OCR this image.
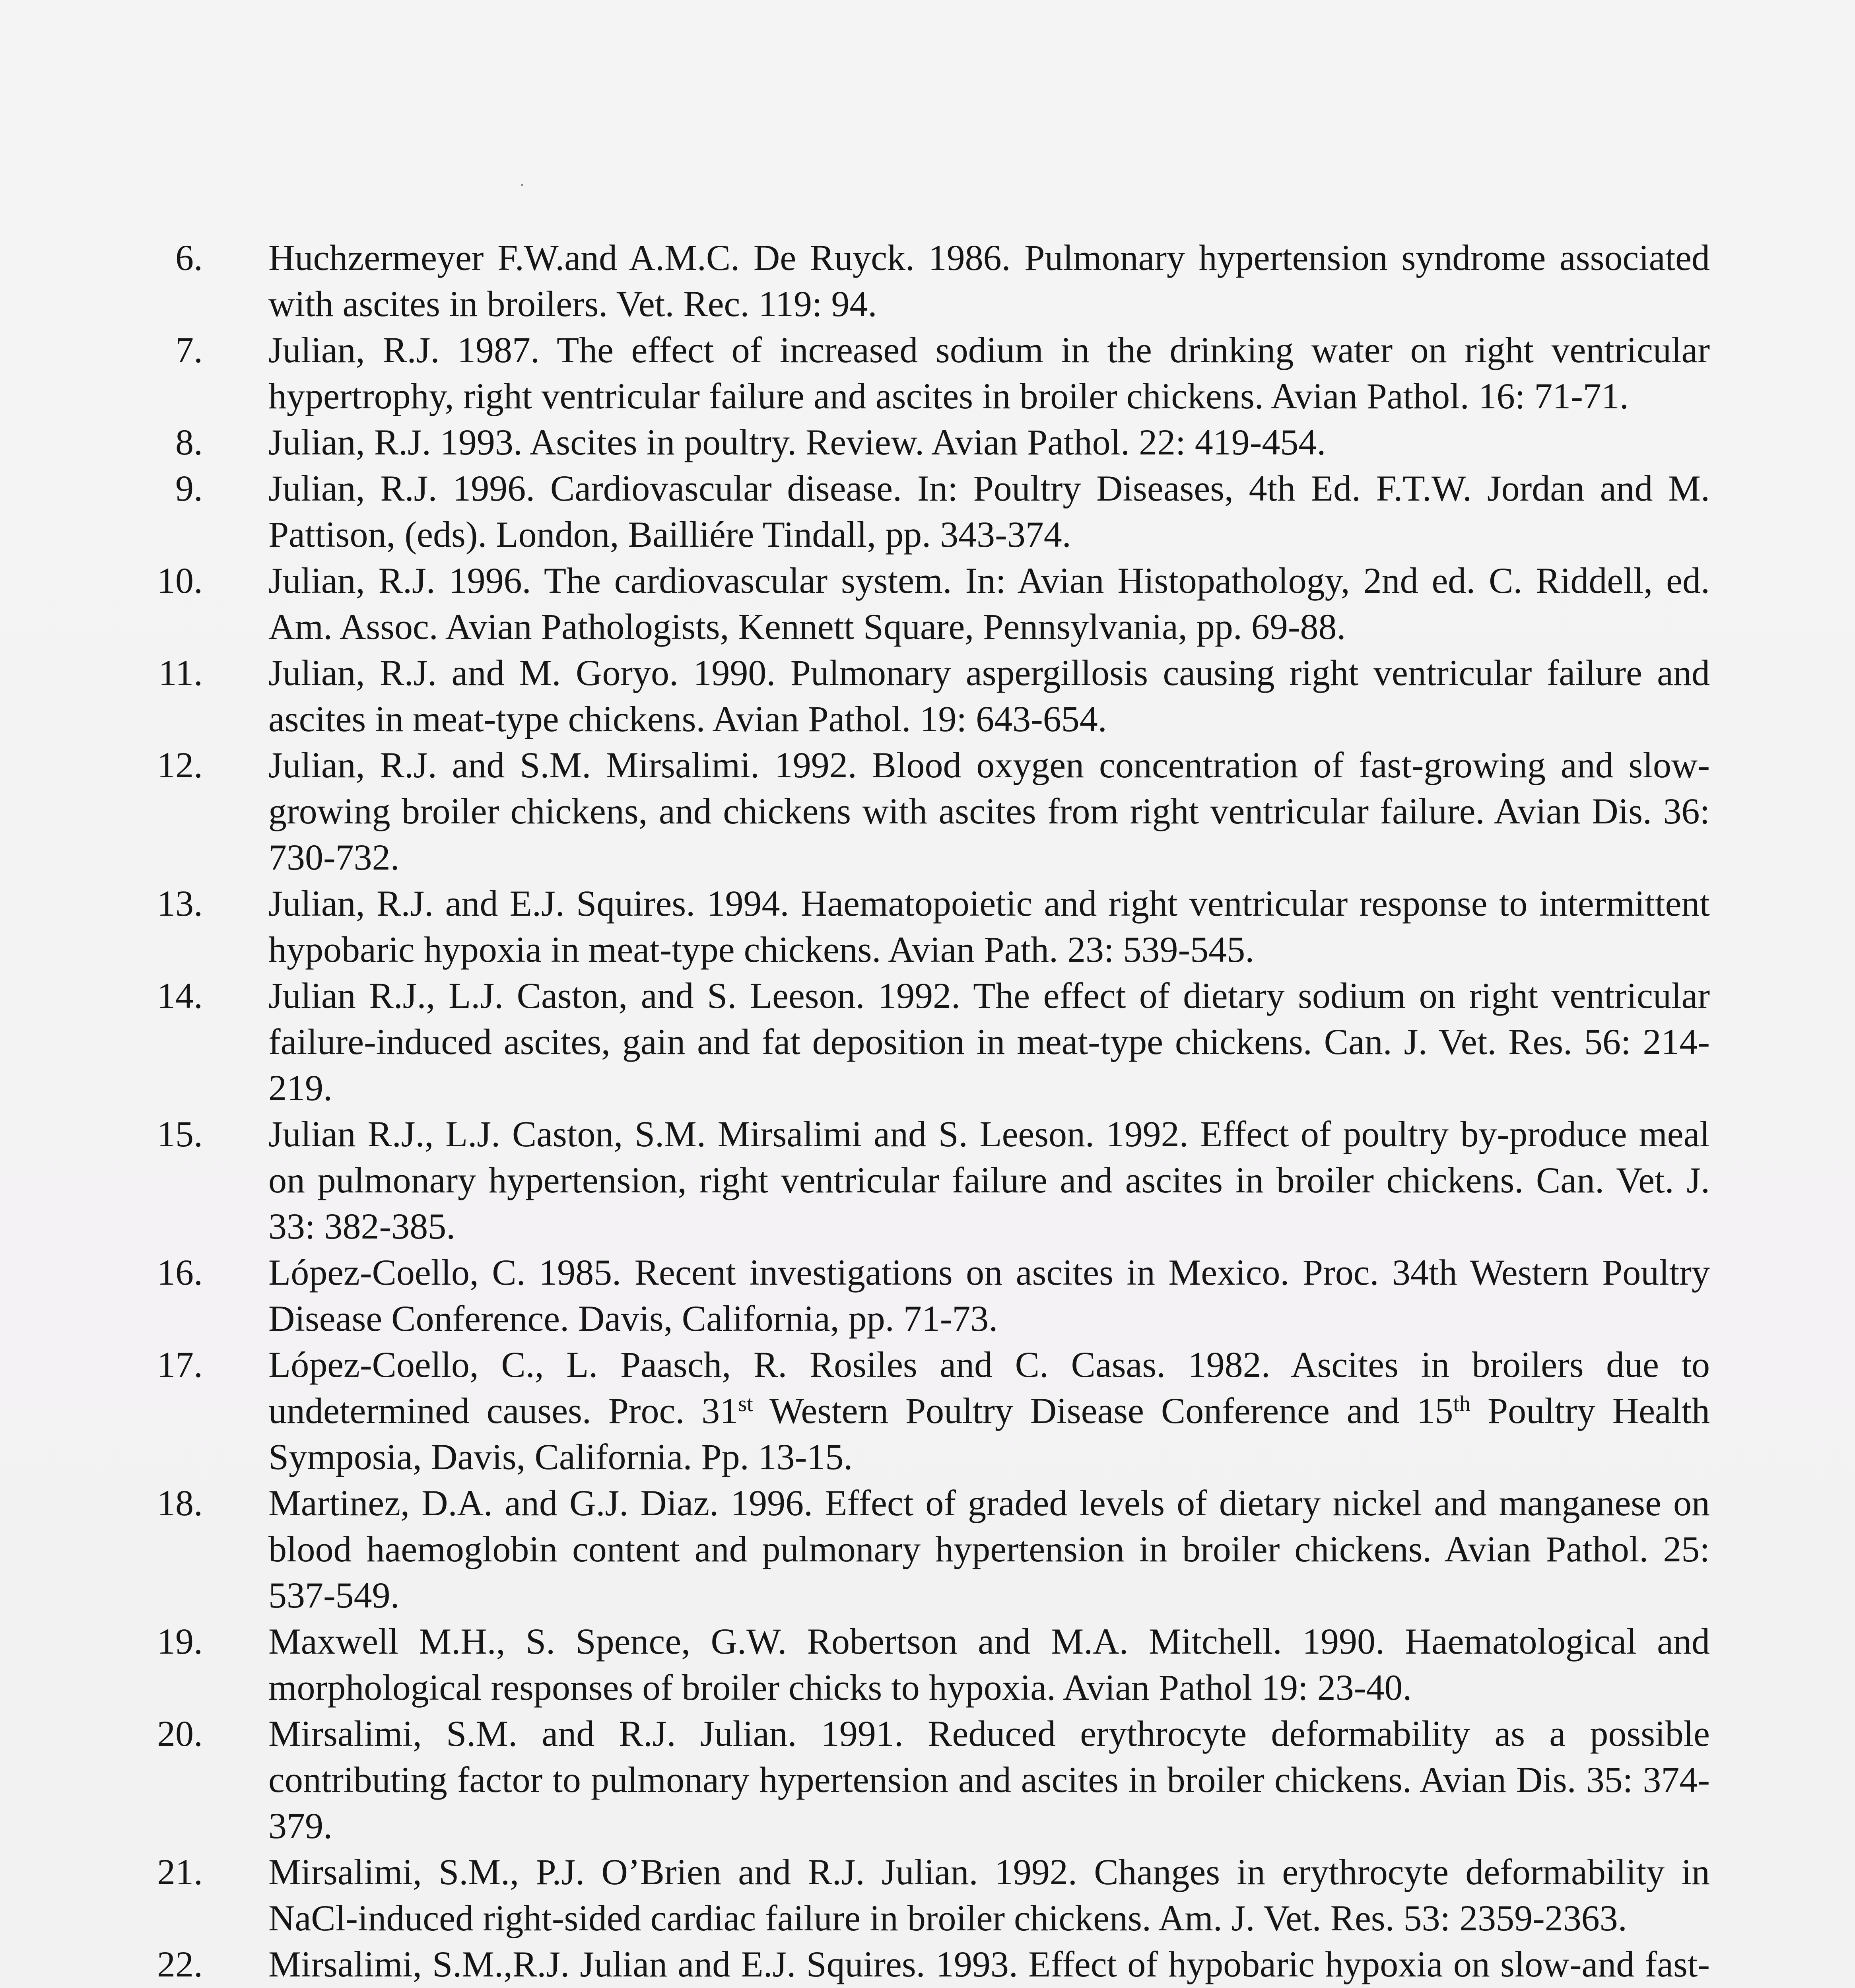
6. Huchzermeyer F.W.and A.M.C. De Ruyck. 1986. Pulmonary hypertension syndrome associated with ascites in broilers. Vet. Rec. 119: 94.
7. Julian, R.J. 1987. The effect of increased sodium in the drinking water on right ventricular hypertrophy, right ventricular failure and ascites in broiler chickens. Avian Pathol. 16: 71-71.
8. Julian, R.J. 1993. Ascites in poultry. Review. Avian Pathol. 22: 419-454.
9. Julian, R.J. 1996. Cardiovascular disease. In: Poultry Diseases, 4th Ed. F.T.W. Jordan and M. Pattison, (eds). London, Bailliére Tindall, pp. 343-374.
10. Julian, R.J. 1996. The cardiovascular system. In: Avian Histopathology, 2nd ed. C. Riddell, ed. Am. Assoc. Avian Pathologists, Kennett Square, Pennsylvania, pp. 69-88.
11. Julian, R.J. and M. Goryo. 1990. Pulmonary aspergillosis causing right ventricular failure and ascites in meat-type chickens. Avian Pathol. 19: 643-654.
12. Julian, R.J. and S.M. Mirsalimi. 1992. Blood oxygen concentration of fast-growing and slow-growing broiler chickens, and chickens with ascites from right ventricular failure. Avian Dis. 36: 730-732.
13. Julian, R.J. and E.J. Squires. 1994. Haematopoietic and right ventricular response to intermittent hypobaric hypoxia in meat-type chickens. Avian Path. 23: 539-545.
14. Julian R.J., L.J. Caston, and S. Leeson. 1992. The effect of dietary sodium on right ventricular failure-induced ascites, gain and fat deposition in meat-type chickens. Can. J. Vet. Res. 56: 214-219.
15. Julian R.J., L.J. Caston, S.M. Mirsalimi and S. Leeson. 1992. Effect of poultry by-produce meal on pulmonary hypertension, right ventricular failure and ascites in broiler chickens. Can. Vet. J. 33: 382-385.
16. López-Coello, C. 1985. Recent investigations on ascites in Mexico. Proc. 34th Western Poultry Disease Conference. Davis, California, pp. 71-73.
17. López-Coello, C., L. Paasch, R. Rosiles and C. Casas. 1982. Ascites in broilers due to undetermined causes. Proc. 31st Western Poultry Disease Conference and 15th Poultry Health Symposia, Davis, California. Pp. 13-15.
18. Martinez, D.A. and G.J. Diaz. 1996. Effect of graded levels of dietary nickel and manganese on blood haemoglobin content and pulmonary hypertension in broiler chickens. Avian Pathol. 25: 537-549.
19. Maxwell M.H., S. Spence, G.W. Robertson and M.A. Mitchell. 1990. Haematological and morphological responses of broiler chicks to hypoxia. Avian Pathol 19: 23-40.
20. Mirsalimi, S.M. and R.J. Julian. 1991. Reduced erythrocyte deformability as a possible contributing factor to pulmonary hypertension and ascites in broiler chickens. Avian Dis. 35: 374-379.
21. Mirsalimi, S.M., P.J. O’Brien and R.J. Julian. 1992. Changes in erythrocyte deformability in NaCl-induced right-sided cardiac failure in broiler chickens. Am. J. Vet. Res. 53: 2359-2363.
22. Mirsalimi, S.M.,R.J. Julian and E.J. Squires. 1993. Effect of hypobaric hypoxia on slow-and fast-
